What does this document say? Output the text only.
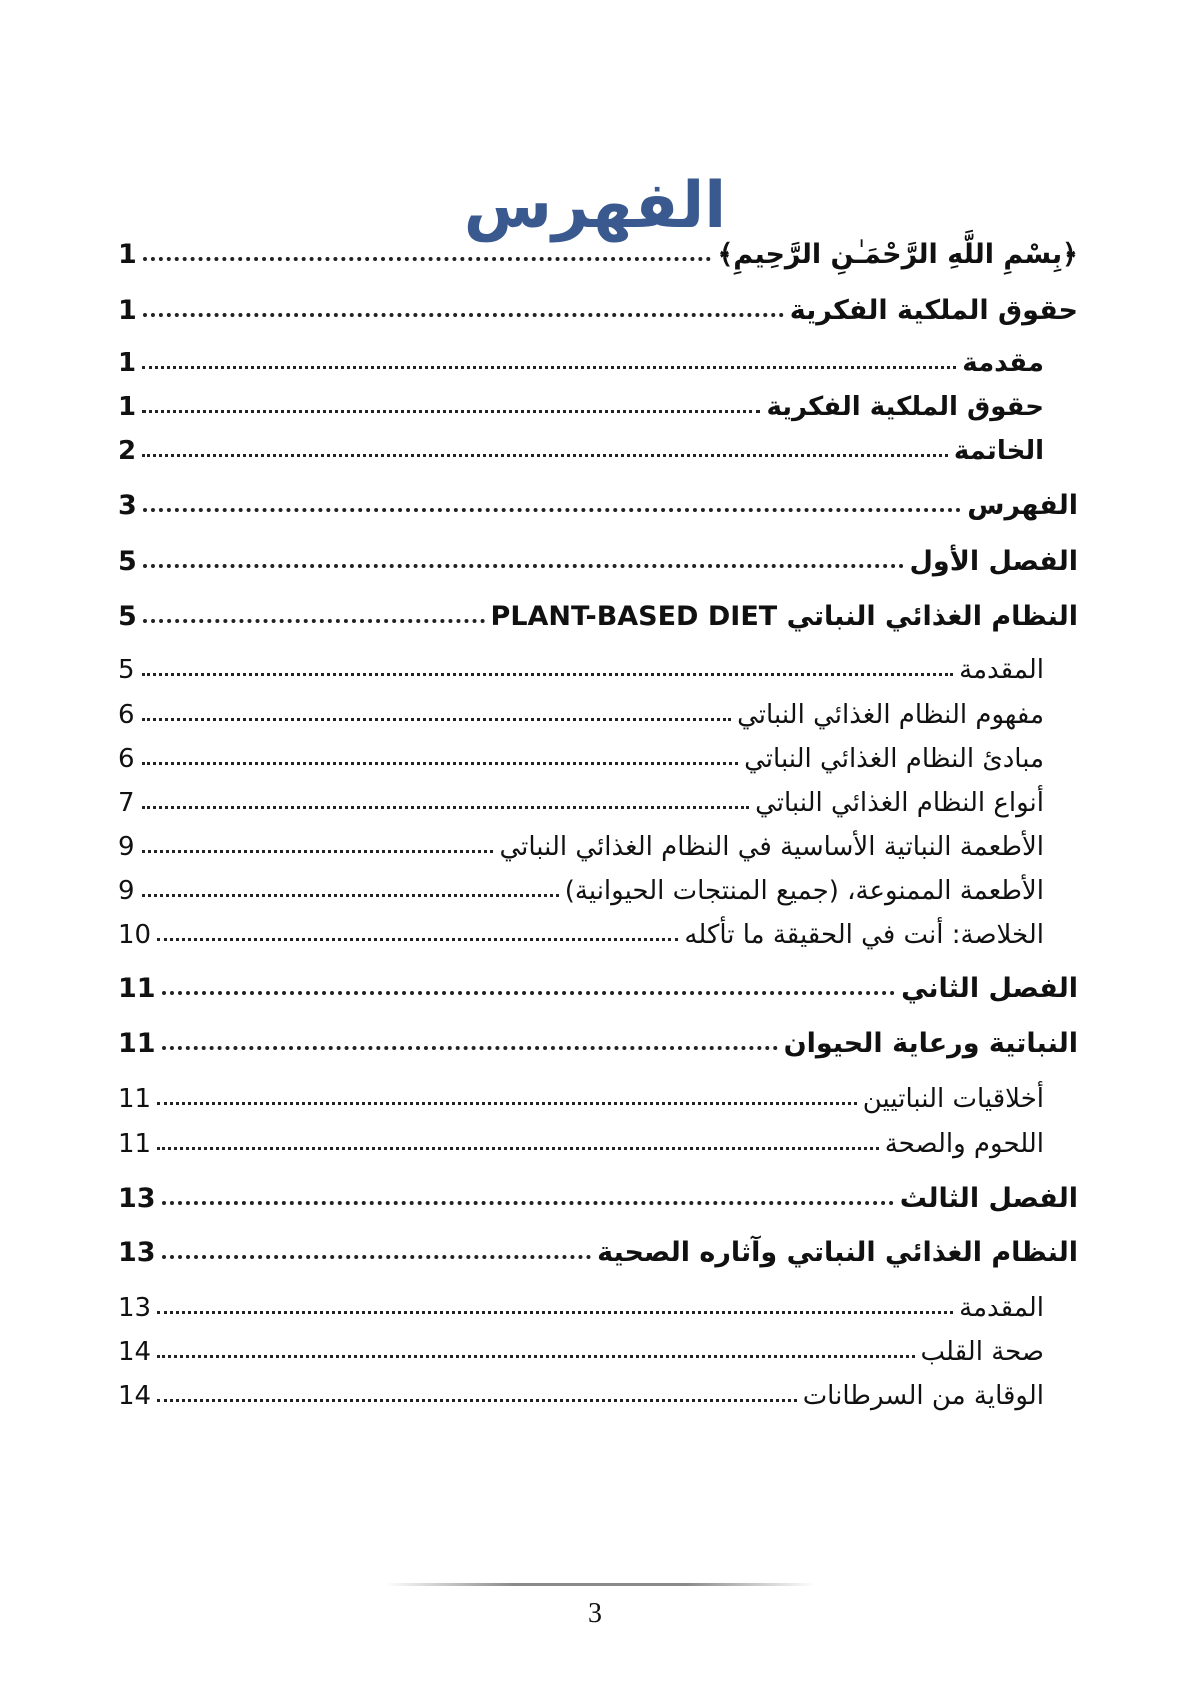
الفهرس
﴿بِسْمِ اللَّهِ الرَّحْمَـٰنِ الرَّحِيمِ﴾
1
حقوق الملكية الفكرية
1
مقدمة
1
حقوق الملكية الفكرية
1
الخاتمة
2
الفهرس
3
الفصل الأول
5
النظام الغذائي النباتي PLANT-BASED DIET
5
المقدمة
5
مفهوم النظام الغذائي النباتي
6
مبادئ النظام الغذائي النباتي
6
أنواع النظام الغذائي النباتي
7
الأطعمة النباتية الأساسية في النظام الغذائي النباتي
9
الأطعمة الممنوعة، (جميع المنتجات الحيوانية)
9
الخلاصة: أنت في الحقيقة ما تأكله
10
الفصل الثاني
11
النباتية ورعاية الحيوان
11
أخلاقيات النباتيين
11
اللحوم والصحة
11
الفصل الثالث
13
النظام الغذائي النباتي وآثاره الصحية
13
المقدمة
13
صحة القلب
14
الوقاية من السرطانات
14
3
